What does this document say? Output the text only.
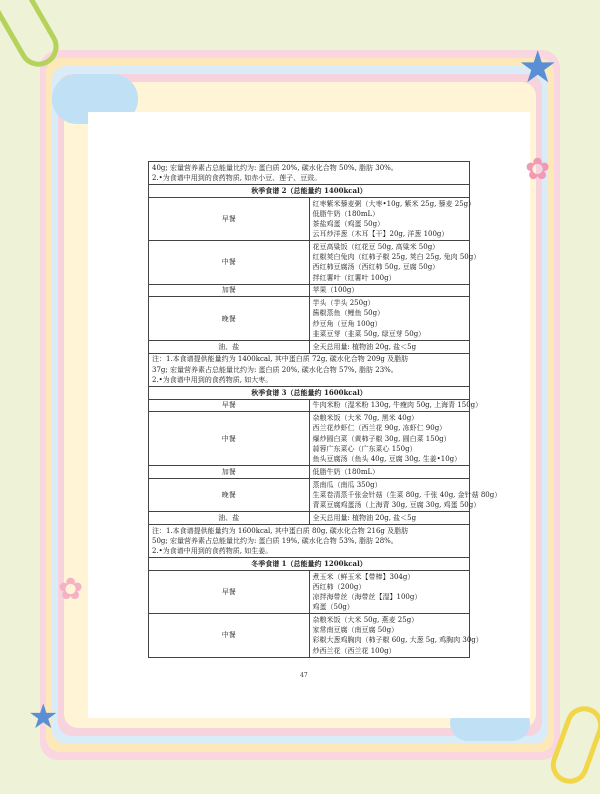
★
★
✿
✿
40g; 宏量营养素占总能量比约为: 蛋白质 20%, 碳水化合物 50%, 脂肪 30%。
2.•为食谱中用到的食药物质, 如赤小豆、莲子、豆豉。	

秋季食谱 2（总能量约 1400kcal）	
早餐	红枣紫米藜麦粥（大枣•10g, 紫米 25g, 藜麦 25g）
低脂牛奶（180mL）
茶盐鸡蛋（鸡蛋 50g）
云耳炒洋葱（木耳【干】20g, 洋葱 100g）

中餐	花豆高粱饭（红花豆 50g, 高粱米 50g）
红椒荚白兔肉（红柿子椒 25g, 荚白 25g, 兔肉 50g）
西红柿豆腐汤（西红柿 50g, 豆腐 50g）
拌红薯叶（红薯叶 100g）

加餐	苹果（100g）

晚餐	芋头（芋头 250g）
酱椒蒸鱼（鲤鱼 50g）
炒豆角（豆角 100g）
韭菜豆芽（韭菜 50g, 绿豆芽 50g）

油、盐	全天总用量: 植物油 20g, 盐＜5g

注：1.本食谱提供能量约为 1400kcal, 其中蛋白质 72g, 碳水化合物 209g 及脂肪
37g; 宏量营养素占总能量比约为: 蛋白质 20%, 碳水化合物 57%, 脂肪 23%。
2.•为食谱中用到的食药物质, 如大枣。	

秋季食谱 3（总能量约 1600kcal）	
早餐	牛肉米粉（湿米粉 130g, 牛瘦肉 50g, 上海青 150g）

中餐	杂粮米饭（大米 70g, 黑米 40g）
西兰花炒虾仁（西兰花 90g, 冻虾仁 90g）
爆炒圆白菜（黄柿子椒 30g, 圆白菜 150g）
蒜蓉广东菜心（广东菜心 150g）
鱼头豆腐汤（鱼头 40g, 豆腐 30g, 生姜•10g）

加餐	低脂牛奶（180mL）

晚餐	蒸南瓜（南瓜 350g）
生菜卷清蒸千张金针菇（生菜 80g, 千张 40g, 金针菇 80g）
青菜豆腐鸡蛋汤（上海青 30g, 豆腐 30g, 鸡蛋 50g）

油、盐	全天总用量: 植物油 20g, 盐＜5g

注：1.本食谱提供能量约为 1600kcal, 其中蛋白质 80g, 碳水化合物 216g 及脂肪
50g; 宏量营养素占总能量比约为: 蛋白质 19%, 碳水化合物 53%, 脂肪 28%。
2.•为食谱中用到的食药物质, 如生姜。	

冬季食谱 1（总能量约 1200kcal）	
早餐	煮玉米（鲜玉米【带棒】304g）
西红柿（200g）
凉拌海带丝（海带丝【湿】100g）
鸡蛋（50g）

中餐	杂粮米饭（大米 50g, 燕麦 25g）
家常南豆腐（南豆腐 50g）
彩椒大葱鸡胸肉（柿子椒 60g, 大葱 5g, 鸡胸肉 30g）
炒西兰花（西兰花 100g）
47
